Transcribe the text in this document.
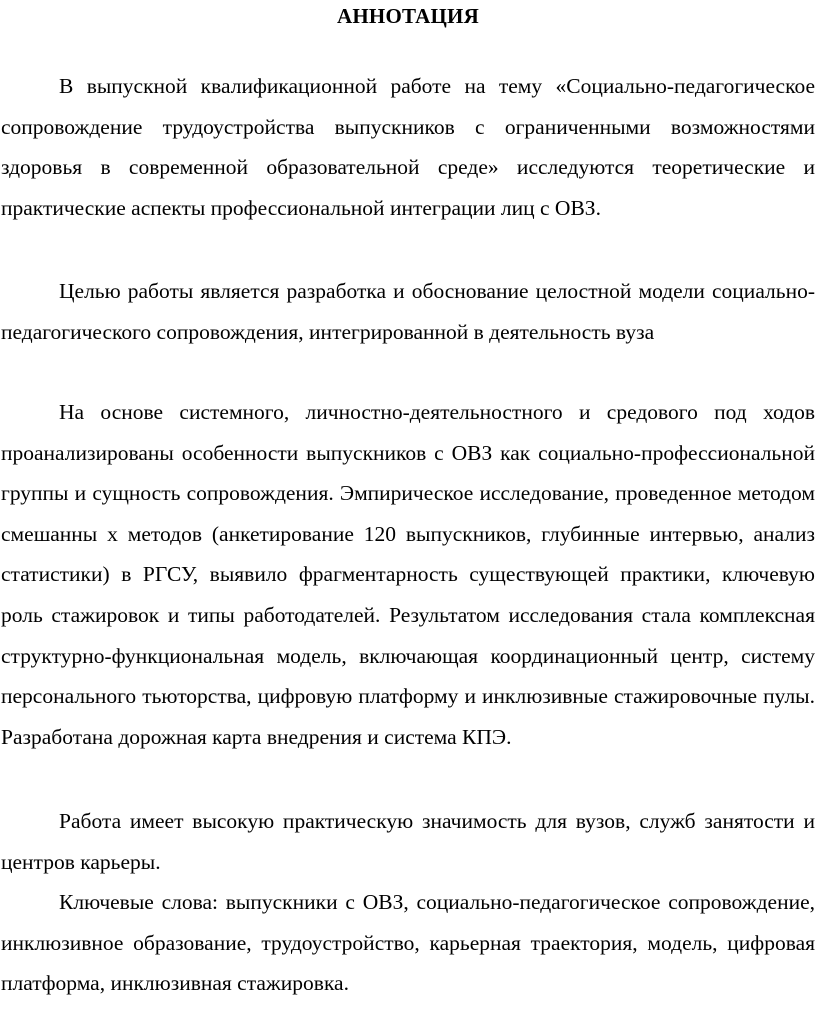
АННОТАЦИЯ

В выпускной квалификационной работе на тему «Социально-педагогическое сопровождение трудоустройства выпускников с ограниченными возможностями здоровья в современной образовательной среде» исследуются теоретические и практические аспекты профессиональной интеграции лиц с ОВЗ.

Целью работы является разработка и обоснование целостной модели социально-педагогического сопровождения, интегрированной в деятельность вуза

На основе системного, личностно-деятельностного и средового под ходов проанализированы особенности выпускников с ОВЗ как социально-профессиональной группы и сущность сопровождения. Эмпирическое исследование, проведенное методом смешанны х методов (анкетирование 120 выпускников, глубинные интервью, анализ статистики) в РГСУ, выявило фрагментарность существующей практики, ключевую роль стажировок и типы работодателей. Результатом исследования стала комплексная структурно-функциональная модель, включающая координационный центр, систему персонального тьюторства, цифровую платформу и инклюзивные стажировочные пулы. Разработана дорожная карта внедрения и система КПЭ.

Работа имеет высокую практическую значимость для вузов, служб занятости и центров карьеры.

Ключевые слова: выпускники с ОВЗ, социально-педагогическое сопровождение, инклюзивное образование, трудоустройство, карьерная траектория, модель, цифровая платформа, инклюзивная стажировка.
